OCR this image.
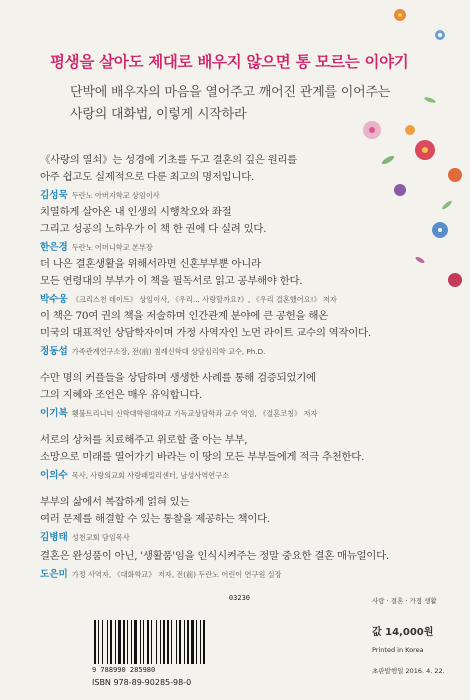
평생을 살아도 제대로 배우지 않으면 통 모르는 이야기
단박에 배우자의 마음을 열어주고 깨어진 관계를 이어주는
사랑의 대화법, 이렇게 시작하라
《사랑의 열쇠》는 성경에 기초를 두고 결혼의 깊은 원리를
아주 쉽고도 실제적으로 다룬 최고의 명저입니다.
김성묵 두란노 아버지학교 상임이사
치열하게 살아온 내 인생의 시행착오와 좌절
그리고 성공의 노하우가 이 책 한 권에 다 실려 있다.
한은경 두란노 어머니학교 본부장
더 나은 결혼생활을 위해서라면 신혼부부뿐 아니라
모든 연령대의 부부가 이 책을 필독서로 읽고 공부해야 한다.
박수웅 《크리스천 데이트》 상임이사, 《우리… 사랑할까요?》, 《우리 결혼했어요!》 저자
이 책은 70여 권의 책을 저술하며 인간관계 분야에 큰 공헌을 해온
미국의 대표적인 상담학자이며 가정 사역자인 노먼 라이트 교수의 역작이다.
정동섭 가족관계연구소장, 전(前) 침례신학대 상담심리학 교수, Ph.D.
수만 명의 커플들을 상담하며 생생한 사례를 통해 검증되었기에
그의 지혜와 조언은 매우 유익합니다.
이기복 횃불트리니티 신학대학원대학교 기독교상담학과 교수 역임, 《결혼코칭》 저자
서로의 상처를 치료해주고 위로할 줄 아는 부부,
소망으로 미래를 열어가기 바라는 이 땅의 모든 부부들에게 적극 추천한다.
이의수 목사, 사랑의교회 사랑패밀리센터, 남성사역연구소
부부의 삶에서 복잡하게 얽혀 있는
여러 문제를 해결할 수 있는 통찰을 제공하는 책이다.
김병태 성천교회 담임목사
결혼은 완성품이 아닌, '생활품'임을 인식시켜주는 정말 중요한 결혼 매뉴얼이다.
도은미 가정 사역자, 《대화학교》 저자, 전(前) 두란노 어린이 연구원 실장
03230
9 788990 285980
ISBN 978-89-90285-98-0
사랑 · 결혼 · 가정 생활
값 14,000원
Printed in Korea
초판발행일 2016. 4. 22.
